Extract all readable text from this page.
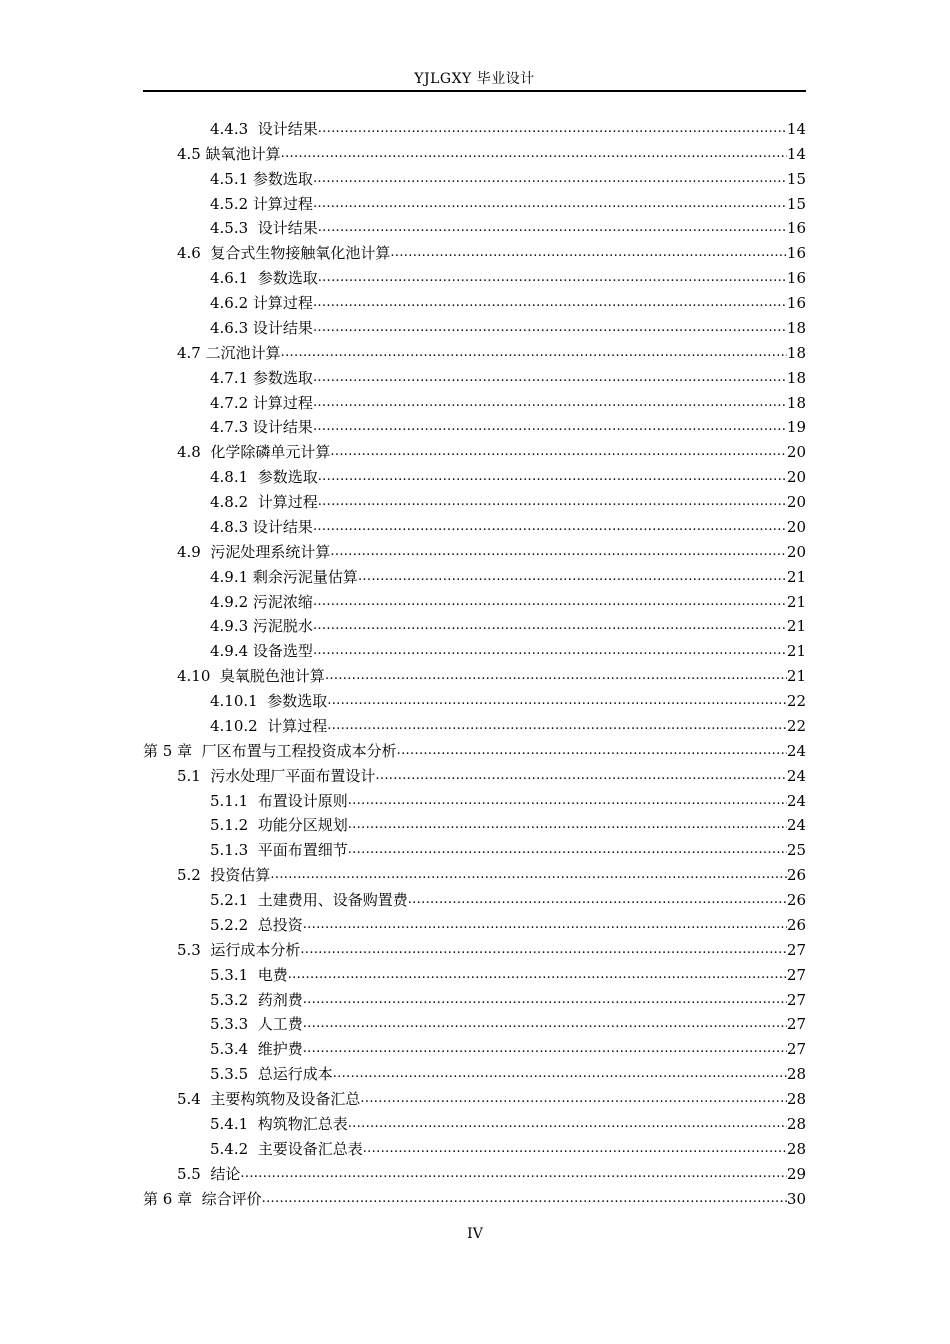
YJLGXY 毕业设计
4.4.3  设计结果 . . .	14
4.5 缺氧池计算 . . .	14
4.5.1 参数选取 . . .	15
4.5.2 计算过程 . . .	15
4.5.3  设计结果 . . .	16
4.6  复合式生物接触氧化池计算 . . .	16
4.6.1  参数选取 . . .	16
4.6.2 计算过程 . . .	16
4.6.3 设计结果 . . .	18
4.7 二沉池计算 . . .	18
4.7.1 参数选取 . . .	18
4.7.2 计算过程 . . .	18
4.7.3 设计结果 . . .	19
4.8  化学除磷单元计算 . . .	20
4.8.1  参数选取 . . .	20
4.8.2  计算过程 . . .	20
4.8.3 设计结果 . . .	20
4.9  污泥处理系统计算 . . .	20
4.9.1 剩余污泥量估算 . . .	21
4.9.2 污泥浓缩 . . .	21
4.9.3 污泥脱水 . . .	21
4.9.4 设备选型 . . .	21
4.10  臭氧脱色池计算 . . .	21
4.10.1  参数选取 . . .	22
4.10.2  计算过程 . . .	22
第 5 章  厂区布置与工程投资成本分析 . . .	24
5.1  污水处理厂平面布置设计 . . .	24
5.1.1  布置设计原则 . . .	24
5.1.2  功能分区规划 . . .	24
5.1.3  平面布置细节 . . .	25
5.2  投资估算 . . .	26
5.2.1  土建费用、设备购置费 . . .	26
5.2.2  总投资 . . .	26
5.3  运行成本分析 . . .	27
5.3.1  电费 . . .	27
5.3.2  药剂费 . . .	27
5.3.3  人工费 . . .	27
5.3.4  维护费 . . .	27
5.3.5  总运行成本 . . .	28
5.4  主要构筑物及设备汇总 . . .	28
5.4.1  构筑物汇总表 . . .	28
5.4.2  主要设备汇总表 . . .	28
5.5  结论 . . .	29
第 6 章  综合评价 . . .	30
IV
